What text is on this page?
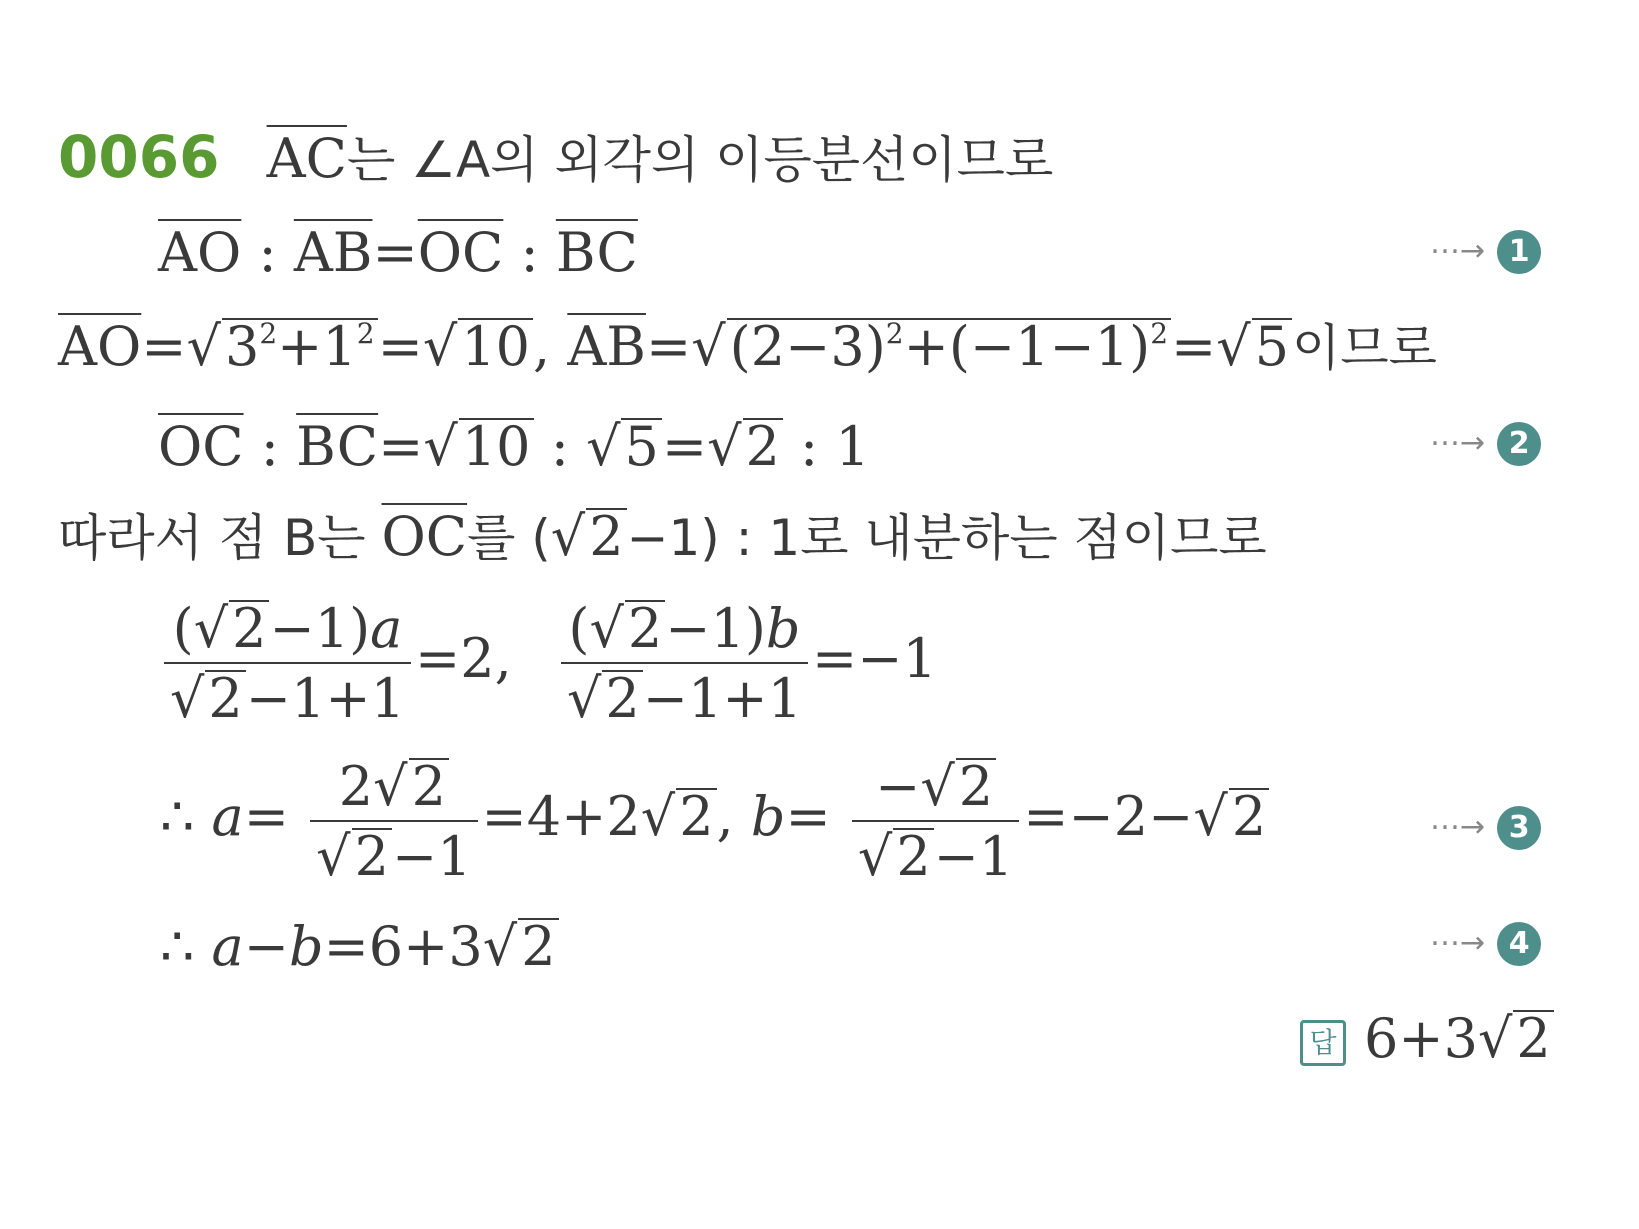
0066 $\overline{AC}$는 ∠A의 외각의 이등분선이므로
$\overline{AO}$ : $\overline{AB}=\overline{OC}$ : $\overline{BC}$	⋯→ 1
$\overline{AO}=√3^2+1^2=√10$, $\overline{AB}=√(2-3)^2+(-1-1)^2=√5$이므로
$\overline{OC}$ : $\overline{BC}=√10$ : √5=√2 : 1	⋯→ 2
따라서 점 B는 $\overline{OC}$를 (√2−1) : 1로 내분하는 점이므로
$\frac{(√2-1)a}{√2-1+1} =2$, $\frac{(√2-1)b}{√2-1+1} =-1$
∴ $a= \frac{2√2}{√2-1} =4+2√2$, $b= \frac{-√2}{√2-1} =-2-√2$	⋯→ 3
∴ a−b=6+3√2	⋯→ 4
답 6+3√2
